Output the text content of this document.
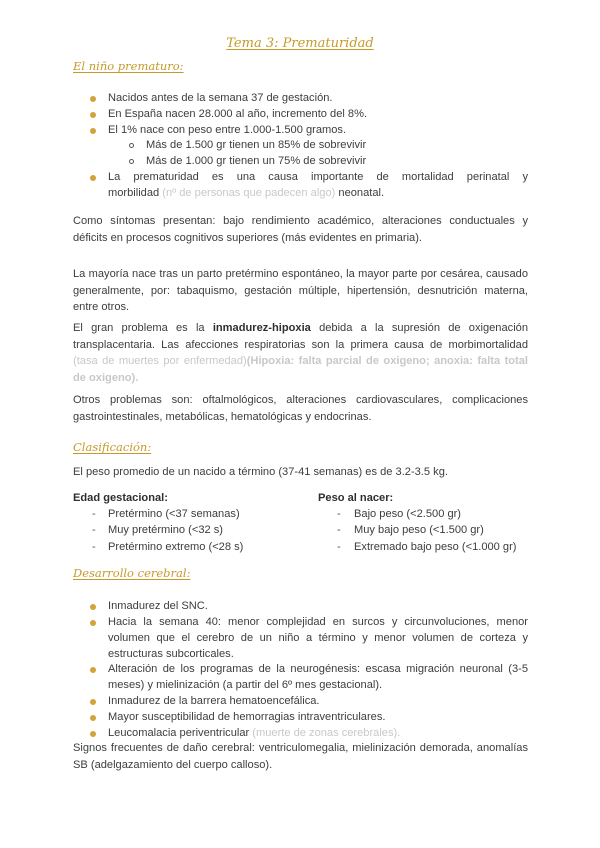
Tema 3: Prematuridad
El niño prematuro:
Nacidos antes de la semana 37 de gestación.
En España nacen 28.000 al año, incremento del 8%.
El 1% nace con peso entre 1.000-1.500 gramos.
Más de 1.500 gr tienen un 85% de sobrevivir
Más de 1.000 gr tienen un 75% de sobrevivir
La prematuridad es una causa importante de mortalidad perinatal y
morbilidad (nº de personas que padecen algo) neonatal.

Como síntomas presentan: bajo rendimiento académico, alteraciones conductuales y déficits en procesos cognitivos superiores (más evidentes en primaria).

La mayoría nace tras un parto pretérmino espontáneo, la mayor parte por cesárea, causado generalmente, por: tabaquismo, gestación múltiple, hipertensión, desnutrición materna, entre otros.

El gran problema es la inmadurez-hipoxia debida a la supresión de oxigenación transplacentaria. Las afecciones respiratorias son la primera causa de morbimortalidad (tasa de muertes por enfermedad)(Hipoxia: falta parcial de oxigeno; anoxia: falta total de oxigeno).

Otros problemas son: oftalmológicos, alteraciones cardiovasculares, complicaciones gastrointestinales, metabólicas, hematológicas y endocrinas.

Clasificación:

El peso promedio de un nacido a término (37-41 semanas) es de 3.2-3.5 kg.

Edad gestacional:
- Pretérmino (<37 semanas)
- Muy pretérmino (<32 s)
- Pretérmino extremo (<28 s)
Peso al nacer:
- Bajo peso (<2.500 gr)
- Muy bajo peso (<1.500 gr)
- Extremado bajo peso (<1.000 gr)
Desarrollo cerebral:
Inmadurez del SNC.
Hacia la semana 40: menor complejidad en surcos y circunvoluciones, menor volumen que el cerebro de un niño a término y menor volumen de corteza y estructuras subcorticales.
Alteración de los programas de la neurogénesis: escasa migración neuronal (3-5 meses) y mielinización (a partir del 6º mes gestacional).
Inmadurez de la barrera hematoencefálica.
Mayor susceptibilidad de hemorragias intraventriculares.
Leucomalacia periventricular (muerte de zonas cerebrales).

Signos frecuentes de daño cerebral: ventriculomegalia, mielinización demorada, anomalías SB (adelgazamiento del cuerpo calloso).
